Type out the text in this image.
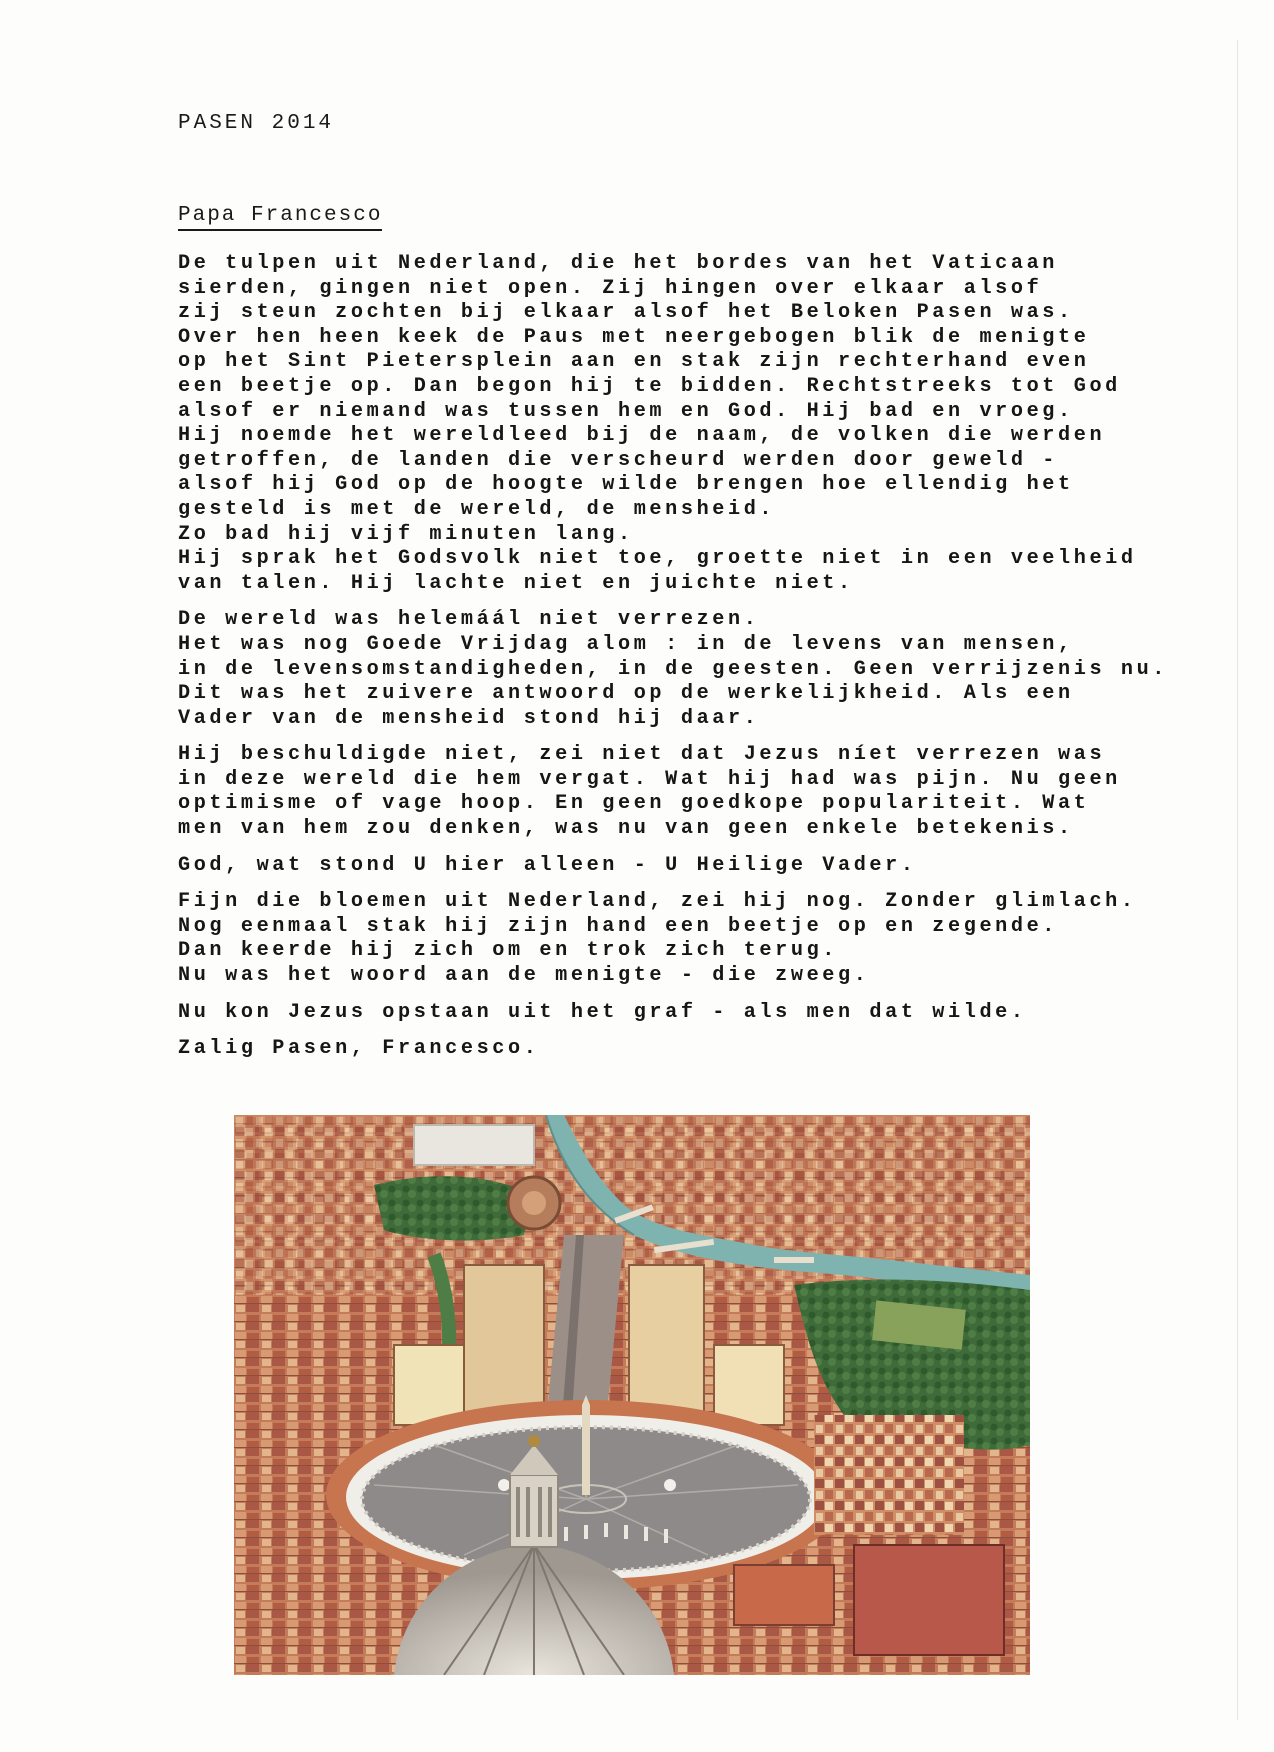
PASEN 2014
Papa Francesco
De tulpen uit Nederland, die het bordes van het Vaticaan
sierden, gingen niet open. Zij hingen over elkaar alsof
zij steun zochten bij elkaar alsof het Beloken Pasen was.
Over hen heen keek de Paus met neergebogen blik de menigte
op het Sint Pietersplein aan en stak zijn rechterhand even
een beetje op. Dan begon hij te bidden. Rechtstreeks tot God
alsof er niemand was tussen hem en God. Hij bad en vroeg.
Hij noemde het wereldleed bij de naam, de volken die werden
getroffen, de landen die verscheurd werden door geweld -
alsof hij God op de hoogte wilde brengen hoe ellendig het
gesteld is met de wereld, de mensheid.
Zo bad hij vijf minuten lang.
Hij sprak het Godsvolk niet toe, groette niet in een veelheid
van talen. Hij lachte niet en juichte niet.
De wereld was helemáál niet verrezen.
Het was nog Goede Vrijdag alom : in de levens van mensen,
in de levensomstandigheden, in de geesten. Geen verrijzenis nu.
Dit was het zuivere antwoord op de werkelijkheid. Als een
Vader van de mensheid stond hij daar.
Hij beschuldigde niet, zei niet dat Jezus níet verrezen was
in deze wereld die hem vergat. Wat hij had was pijn. Nu geen
optimisme of vage hoop. En geen goedkope populariteit. Wat
men van hem zou denken, was nu van geen enkele betekenis.
God, wat stond U hier alleen - U Heilige Vader.
Fijn die bloemen uit Nederland, zei hij nog. Zonder glimlach.
Nog eenmaal stak hij zijn hand een beetje op en zegende.
Dan keerde hij zich om en trok zich terug.
Nu was het woord aan de menigte - die zweeg.
Nu kon Jezus opstaan uit het graf - als men dat wilde.
Zalig Pasen, Francesco.
